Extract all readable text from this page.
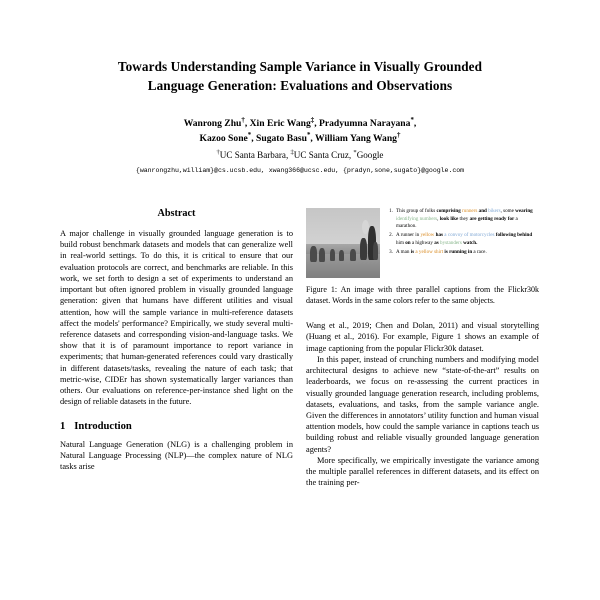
Towards Understanding Sample Variance in Visually Grounded
Language Generation: Evaluations and Observations
Wanrong Zhu†, Xin Eric Wang‡, Pradyumna Narayana*,
Kazoo Sone*, Sugato Basu*, William Yang Wang†
†UC Santa Barbara, ‡UC Santa Cruz, *Google
{wanrongzhu,william}@cs.ucsb.edu, xwang366@ucsc.edu, {pradyn,sone,sugato}@google.com
Abstract

A major challenge in visually grounded language generation is to build robust benchmark datasets and models that can generalize well in real-world settings. To do this, it is critical to ensure that our evaluation protocols are correct, and benchmarks are reliable. In this work, we set forth to design a set of experiments to understand an important but often ignored problem in visually grounded language generation: given that humans have different utilities and visual attention, how will the sample variance in multi-reference datasets affect the models' performance? Empirically, we study several multi-reference datasets and corresponding vision-and-language tasks. We show that it is of paramount importance to report variance in experiments; that human-generated references could vary drastically in different datasets/tasks, revealing the nature of each task; that metric-wise, CIDEr has shown systematically larger variances than others. Our evaluations on reference-per-instance shed light on the design of reliable datasets in the future.

1 Introduction

Natural Language Generation (NLG) is a challenging problem in Natural Language Processing (NLP)—the complex nature of NLG tasks arise

1. This group of folks comprising runners and bikers, some wearing identifying numbers, look like they are getting ready for a marathon.
2. A runner in yellow has a convoy of motorcycles following behind him on a highway as bystanders watch.
3. A man is a yellow shirt is running in a race.
Figure 1: An image with three parallel captions from the Flickr30k dataset. Words in the same colors refer to the same objects.

Wang et al., 2019; Chen and Dolan, 2011) and visual storytelling (Huang et al., 2016). For example, Figure 1 shows an example of image captioning from the popular Flickr30k dataset.

In this paper, instead of crunching numbers and modifying model architectural designs to achieve new “state-of-the-art” results on leaderboards, we focus on re-assessing the current practices in visually grounded language generation research, including problems, datasets, evaluations, and tasks, from the sample variance angle. Given the differences in annotators’ utility function and human visual attention models, how could the sample variance in captions teach us building robust and reliable visually grounded language generation agents?

More specifically, we empirically investigate the variance among the multiple parallel references in different datasets, and its effect on the training per-
